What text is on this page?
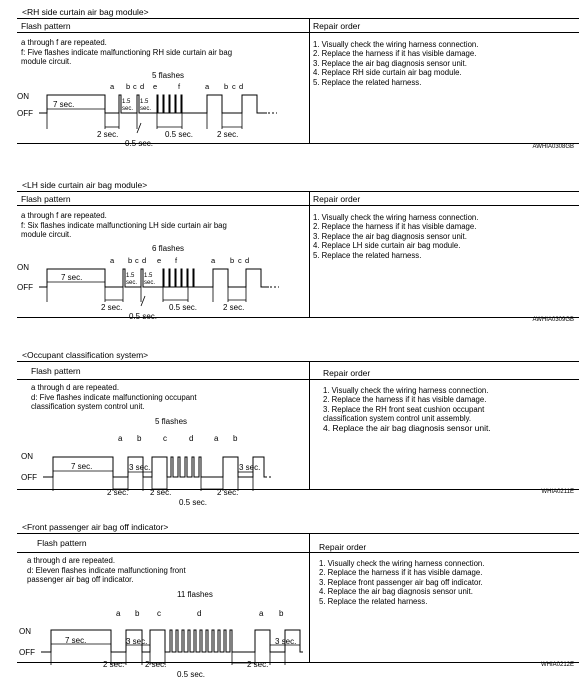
<RH side curtain air bag module>
Flash pattern	Repair order
a through f are repeated.
f: Five flashes indicate malfunctioning RH side curtain air bag
module circuit.
1. Visually check the wiring harness connection.
2. Replace the harness if it has visible damage.
3. Replace the air bag diagnosis sensor unit.
4. Replace RH side curtain air bag module.
5. Replace the related harness.
5 flashes
ON
OFF
a b c d e	f	a b c d
1.5
sec.
1.5
sec.
7 sec.
2 sec.
0.5 sec.
0.5 sec.	2 sec.
AWHIA0308GB
<LH side curtain air bag module>
Flash pattern	Repair order
a through f are repeated.
f: Six flashes indicate malfunctioning LH side curtain air bag
module circuit.
1. Visually check the wiring harness connection.
2. Replace the harness if it has visible damage.
3. Replace the air bag diagnosis sensor unit.
4. Replace LH side curtain air bag module.
5. Replace the related harness.
6 flashes
ON
OFF
a b c d e f	a b c d
1.5
sec.
1.5
sec.
7 sec.
2 sec.
0.5 sec.
0.5 sec.	2 sec.
AWHIA0309GB
<Occupant classification system>
Flash pattern	Repair order
a through d are repeated.
d: Five flashes indicate malfunctioning occupant
classification system control unit.
1. Visually check the wiring harness connection.
2. Replace the harness if it has visible damage.
3. Replace the RH front seat cushion occupant
classification system control unit assembly.
4. Replace the air bag diagnosis sensor unit.
5 flashes
ON
OFF
a b	c	d	a b
7 sec.	3 sec.	3 sec.
2 sec.	2 sec.	2 sec.
0.5 sec.
WHIA0211E
<Front passenger air bag off indicator>
Flash pattern	Repair order
a through d are repeated.
d: Eleven flashes indicate malfunctioning front
passenger air bag off indicator.
1. Visually check the wiring harness connection.
2. Replace the harness if it has visible damage.
3. Replace front passenger air bag off indicator.
4. Replace the air bag diagnosis sensor unit.
5. Replace the related harness.
11 flashes
ON
OFF
a b c	d	a b
7 sec.	3 sec.	3 sec.
2 sec.	2 sec.	2 sec.
0.5 sec.
WHIA0212E
